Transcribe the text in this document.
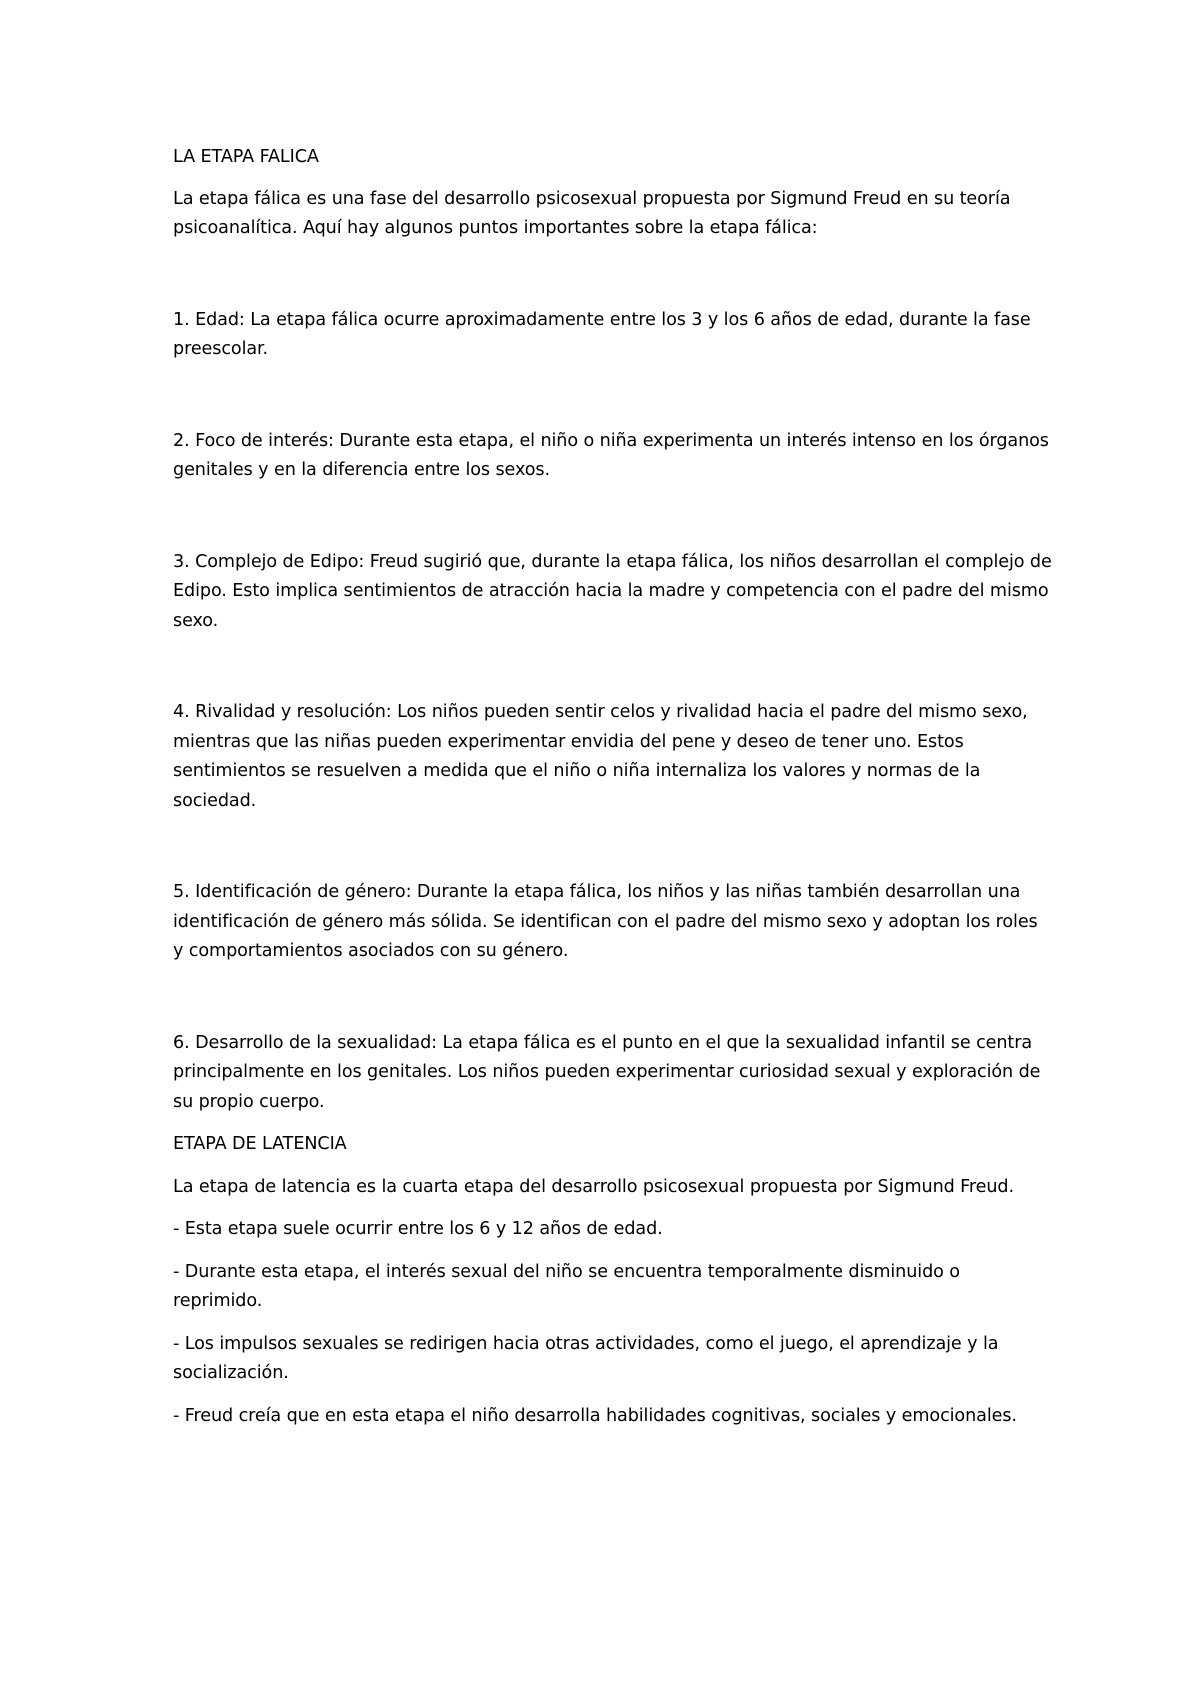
LA ETAPA FALICA

La etapa fálica es una fase del desarrollo psicosexual propuesta por Sigmund Freud en su teoría psicoanalítica. Aquí hay algunos puntos importantes sobre la etapa fálica:

1. Edad: La etapa fálica ocurre aproximadamente entre los 3 y los 6 años de edad, durante la fase preescolar.

2. Foco de interés: Durante esta etapa, el niño o niña experimenta un interés intenso en los órganos genitales y en la diferencia entre los sexos.

3. Complejo de Edipo: Freud sugirió que, durante la etapa fálica, los niños desarrollan el complejo de Edipo. Esto implica sentimientos de atracción hacia la madre y competencia con el padre del mismo sexo.

4. Rivalidad y resolución: Los niños pueden sentir celos y rivalidad hacia el padre del mismo sexo, mientras que las niñas pueden experimentar envidia del pene y deseo de tener uno. Estos sentimientos se resuelven a medida que el niño o niña internaliza los valores y normas de la sociedad.

5. Identificación de género: Durante la etapa fálica, los niños y las niñas también desarrollan una identificación de género más sólida. Se identifican con el padre del mismo sexo y adoptan los roles y comportamientos asociados con su género.

6. Desarrollo de la sexualidad: La etapa fálica es el punto en el que la sexualidad infantil se centra principalmente en los genitales. Los niños pueden experimentar curiosidad sexual y exploración de su propio cuerpo.

ETAPA DE LATENCIA

La etapa de latencia es la cuarta etapa del desarrollo psicosexual propuesta por Sigmund Freud.

- Esta etapa suele ocurrir entre los 6 y 12 años de edad.

- Durante esta etapa, el interés sexual del niño se encuentra temporalmente disminuido o reprimido.

- Los impulsos sexuales se redirigen hacia otras actividades, como el juego, el aprendizaje y la socialización.

- Freud creía que en esta etapa el niño desarrolla habilidades cognitivas, sociales y emocionales.
